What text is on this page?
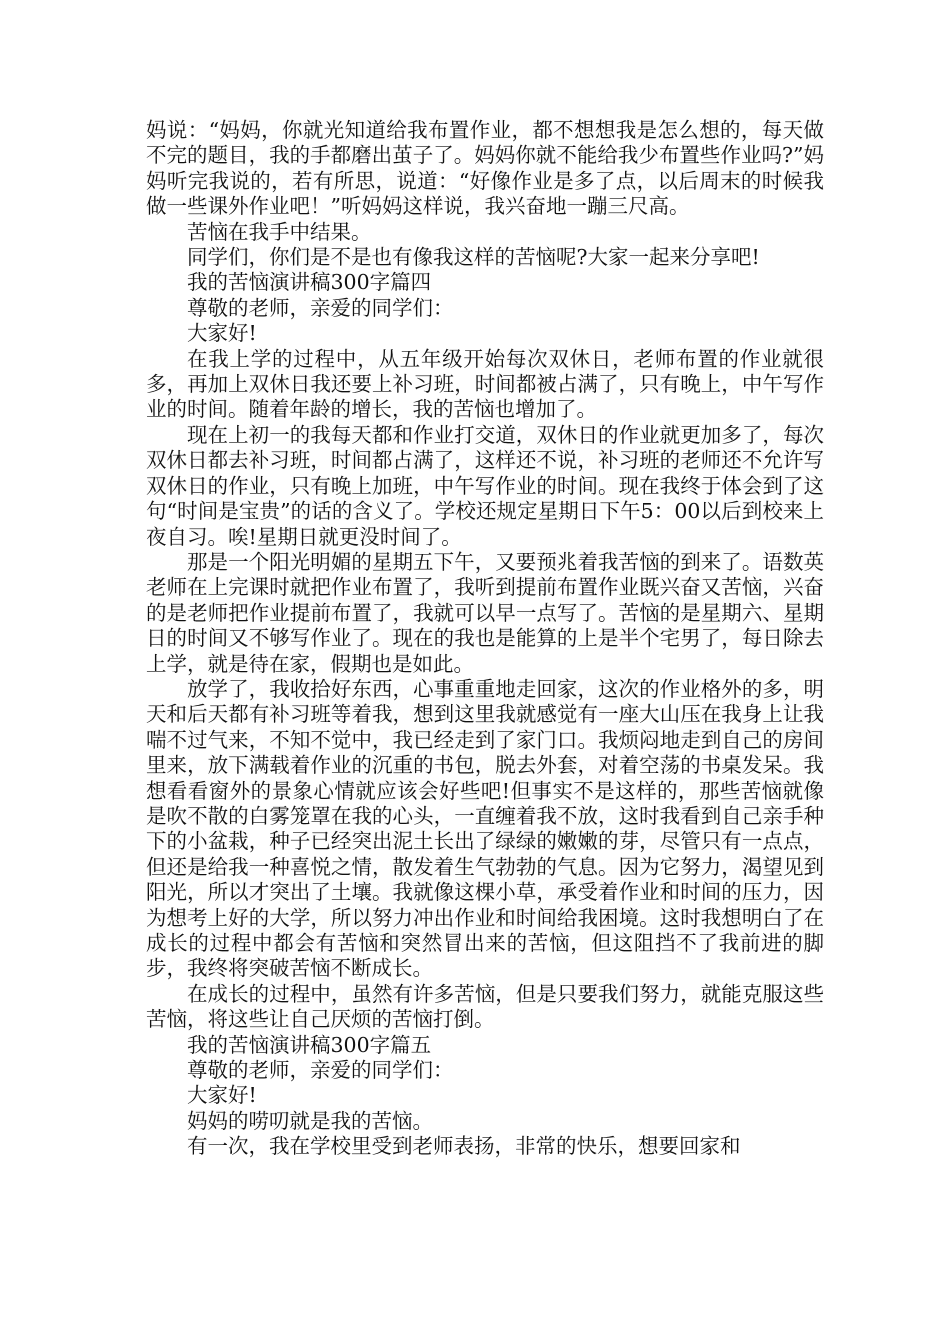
妈说：“妈妈，你就光知道给我布置作业，都不想想我是怎么想的，每天做不完的题目，我的手都磨出茧子了。妈妈你就不能给我少布置些作业吗?”妈妈听完我说的，若有所思，说道：“好像作业是多了点，以后周末的时候我做一些课外作业吧！”听妈妈这样说，我兴奋地一蹦三尺高。

苦恼在我手中结果。

同学们，你们是不是也有像我这样的苦恼呢?大家一起来分享吧!

我的苦恼演讲稿300字篇四

尊敬的老师，亲爱的同学们：

大家好!

在我上学的过程中，从五年级开始每次双休日，老师布置的作业就很多，再加上双休日我还要上补习班，时间都被占满了，只有晚上，中午写作业的时间。随着年龄的增长，我的苦恼也增加了。

现在上初一的我每天都和作业打交道，双休日的作业就更加多了，每次双休日都去补习班，时间都占满了，这样还不说，补习班的老师还不允许写双休日的作业，只有晚上加班，中午写作业的时间。现在我终于体会到了这句“时间是宝贵”的话的含义了。学校还规定星期日下午5：00以后到校来上夜自习。唉!星期日就更没时间了。

那是一个阳光明媚的星期五下午，又要预兆着我苦恼的到来了。语数英老师在上完课时就把作业布置了，我听到提前布置作业既兴奋又苦恼，兴奋的是老师把作业提前布置了，我就可以早一点写了。苦恼的是星期六、星期日的时间又不够写作业了。现在的我也是能算的上是半个宅男了，每日除去上学，就是待在家，假期也是如此。

放学了，我收拾好东西，心事重重地走回家，这次的作业格外的多，明天和后天都有补习班等着我，想到这里我就感觉有一座大山压在我身上让我喘不过气来，不知不觉中，我已经走到了家门口。我烦闷地走到自己的房间里来，放下满载着作业的沉重的书包，脱去外套，对着空荡的书桌发呆。我想看看窗外的景象心情就应该会好些吧!但事实不是这样的，那些苦恼就像是吹不散的白雾笼罩在我的心头，一直缠着我不放，这时我看到自己亲手种下的小盆栽，种子已经突出泥土长出了绿绿的嫩嫩的芽，尽管只有一点点，但还是给我一种喜悦之情，散发着生气勃勃的气息。因为它努力，渴望见到阳光，所以才突出了土壤。我就像这棵小草，承受着作业和时间的压力，因为想考上好的大学，所以努力冲出作业和时间给我困境。这时我想明白了在成长的过程中都会有苦恼和突然冒出来的苦恼，但这阻挡不了我前进的脚步，我终将突破苦恼不断成长。

在成长的过程中，虽然有许多苦恼，但是只要我们努力，就能克服这些苦恼，将这些让自己厌烦的苦恼打倒。

我的苦恼演讲稿300字篇五

尊敬的老师，亲爱的同学们：

大家好!

妈妈的唠叨就是我的苦恼。

有一次，我在学校里受到老师表扬，非常的快乐，想要回家和
